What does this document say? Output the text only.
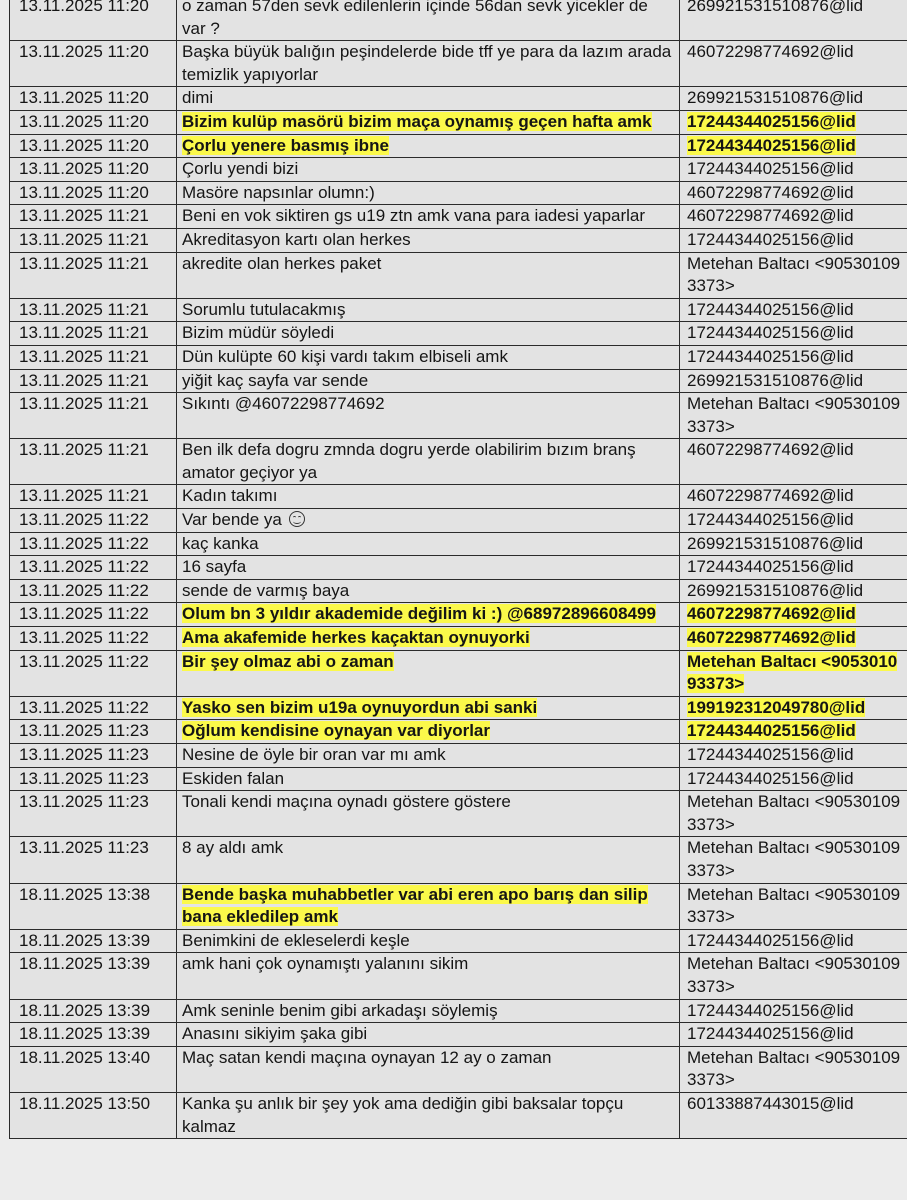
13.11.2025 11:20	o zaman 57den sevk edilenlerin içinde 56dan sevk yicekler de var ?	269921531510876@lid
13.11.2025 11:20	Başka büyük balığın peşindelerde bide tff ye para da lazım arada temizlik yapıyorlar	46072298774692@lid
13.11.2025 11:20	dimi	269921531510876@lid
13.11.2025 11:20	Bizim kulüp masörü bizim maça oynamış geçen hafta amk	17244344025156@lid
13.11.2025 11:20	Çorlu yenere basmış ibne	17244344025156@lid
13.11.2025 11:20	Çorlu yendi bizi	17244344025156@lid
13.11.2025 11:20	Masöre napsınlar olumn:)	46072298774692@lid
13.11.2025 11:21	Beni en vok siktiren gs u19 ztn amk vana para iadesi yaparlar	46072298774692@lid
13.11.2025 11:21	Akreditasyon kartı olan herkes	17244344025156@lid
13.11.2025 11:21	akredite olan herkes paket	Metehan Baltacı <905301093373>
13.11.2025 11:21	Sorumlu tutulacakmış	17244344025156@lid
13.11.2025 11:21	Bizim müdür söyledi	17244344025156@lid
13.11.2025 11:21	Dün kulüpte 60 kişi vardı takım elbiseli amk	17244344025156@lid
13.11.2025 11:21	yiğit kaç sayfa var sende	269921531510876@lid
13.11.2025 11:21	Sıkıntı @46072298774692	Metehan Baltacı <905301093373>
13.11.2025 11:21	Ben ilk defa dogru zmnda dogru yerde olabilirim bızım branş amator geçiyor ya	46072298774692@lid
13.11.2025 11:21	Kadın takımı	46072298774692@lid
13.11.2025 11:22	Var bende ya	17244344025156@lid
13.11.2025 11:22	kaç kanka	269921531510876@lid
13.11.2025 11:22	16 sayfa	17244344025156@lid
13.11.2025 11:22	sende de varmış baya	269921531510876@lid
13.11.2025 11:22	Olum bn 3 yıldır akademide değilim ki :) @68972896608499	46072298774692@lid
13.11.2025 11:22	Ama akafemide herkes kaçaktan oynuyorki	46072298774692@lid
13.11.2025 11:22	Bir şey olmaz abi o zaman	Metehan Baltacı <905301093373>
13.11.2025 11:22	Yasko sen bizim u19a oynuyordun abi sanki	199192312049780@lid
13.11.2025 11:23	Oğlum kendisine oynayan var diyorlar	17244344025156@lid
13.11.2025 11:23	Nesine de öyle bir oran var mı amk	17244344025156@lid
13.11.2025 11:23	Eskiden falan	17244344025156@lid
13.11.2025 11:23	Tonali kendi maçına oynadı göstere göstere	Metehan Baltacı <905301093373>
13.11.2025 11:23	8 ay aldı amk	Metehan Baltacı <905301093373>
18.11.2025 13:38	Bende başka muhabbetler var abi eren apo barış dan silip bana ekledilер amk	Metehan Baltacı <905301093373>
18.11.2025 13:39	Benimkini de ekleselerdi keşle	17244344025156@lid
18.11.2025 13:39	amk hani çok oynamıştı yalanını sikim	Metehan Baltacı <905301093373>
18.11.2025 13:39	Amk seninle benim gibi arkadaşı söylemiş	17244344025156@lid
18.11.2025 13:39	Anasını sikiyim şaka gibi	17244344025156@lid
18.11.2025 13:40	Maç satan kendi maçına oynayan 12 ay o zaman	Metehan Baltacı <905301093373>
18.11.2025 13:50	Kanka şu anlık bir şey yok ama dediğin gibi baksalar topçu kalmaz	60133887443015@lid
